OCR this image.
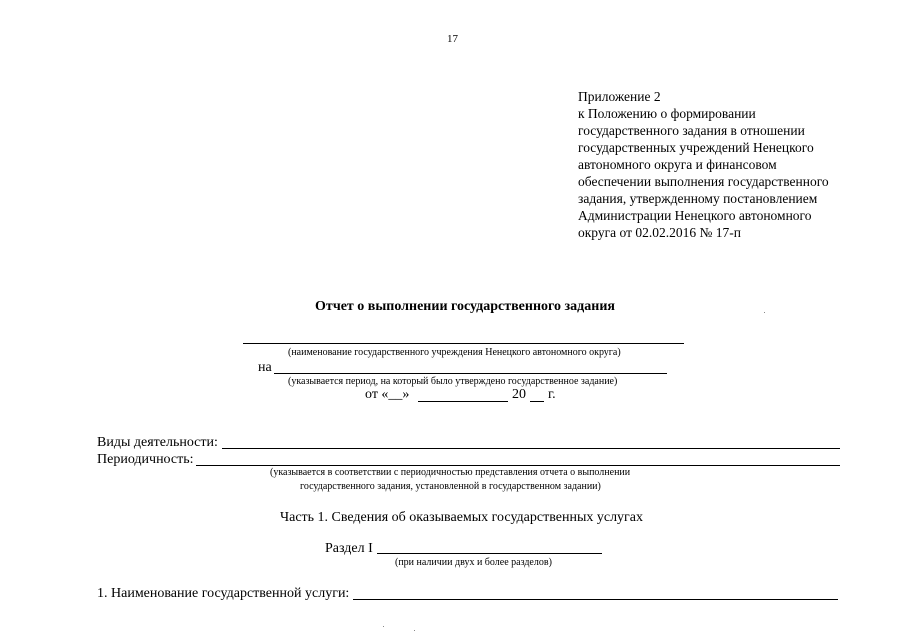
17
Приложение 2
к Положению о формировании
государственного задания в отношении
государственных учреждений Ненецкого
автономного округа и финансовом
обеспечении выполнения государственного
задания, утвержденному постановлением
Администрации Ненецкого автономного
округа от 02.02.2016 № 17-п
Отчет о выполнении государственного задания
(наименование государственного учреждения Ненецкого автономного округа)
на
(указывается период, на который было утверждено государственное задание)
от «__»	20 г.
Виды деятельности:
Периодичность:
(указывается в соответствии с периодичностью представления отчета о выполнении
государственного задания, установленной в государственном задании)
Часть 1. Сведения об оказываемых государственных услугах
Раздел I
(при наличии двух и более разделов)
1. Наименование государственной услуги:
